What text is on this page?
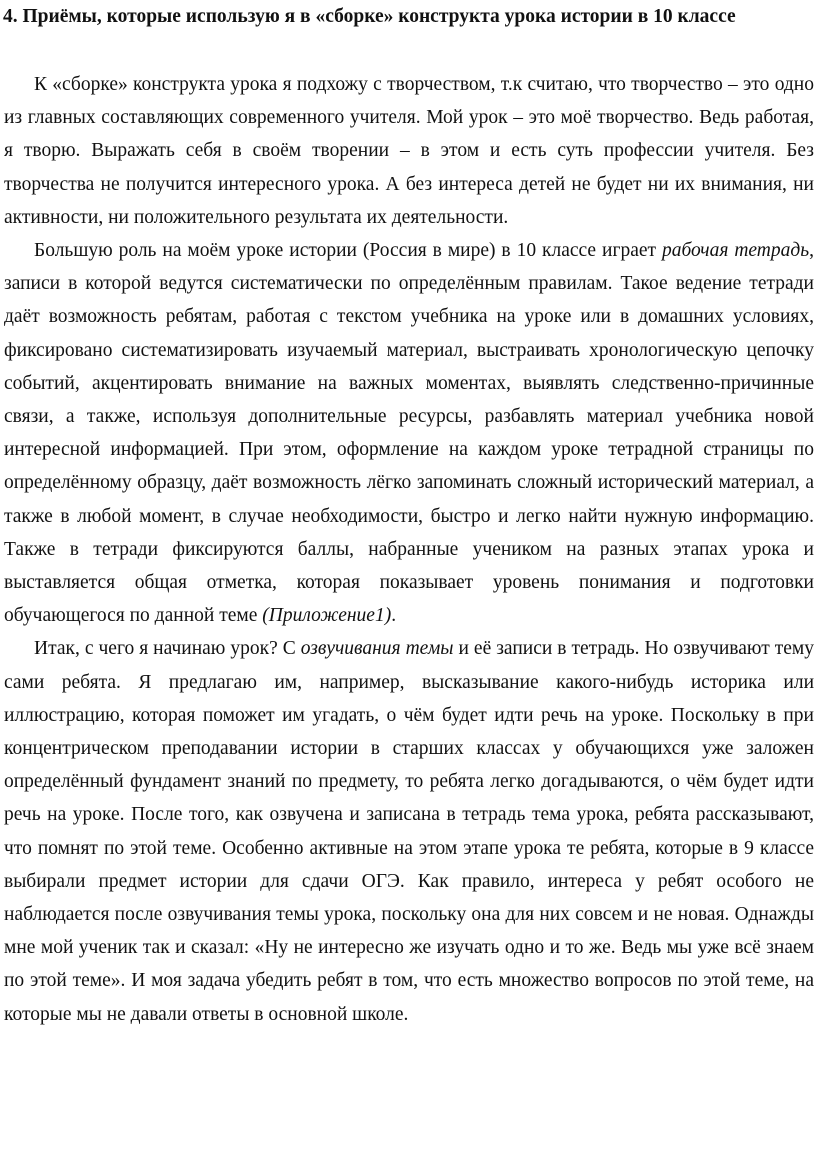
4. Приёмы, которые использую я в «сборке» конструкта урока истории в 10 классе

К «сборке» конструкта урока я подхожу с творчеством, т.к считаю, что творчество – это одно из главных составляющих современного учителя. Мой урок – это моё творчество. Ведь работая, я творю. Выражать себя в своём творении – в этом и есть суть профессии учителя. Без творчества не получится интересного урока. А без интереса детей не будет ни их внимания, ни активности, ни положительного результата их деятельности.

Большую роль на моём уроке истории (Россия в мире) в 10 классе играет рабочая тетрадь, записи в которой ведутся систематически по определённым правилам. Такое ведение тетради даёт возможность ребятам, работая с текстом учебника на уроке или в домашних условиях, фиксировано систематизировать изучаемый материал, выстраивать хронологическую цепочку событий, акцентировать внимание на важных моментах, выявлять следственно-причинные связи, а также, используя дополнительные ресурсы, разбавлять материал учебника новой интересной информацией. При этом, оформление на каждом уроке тетрадной страницы по определённому образцу, даёт возможность лёгко запоминать сложный исторический материал, а также в любой момент, в случае необходимости, быстро и легко найти нужную информацию. Также в тетради фиксируются баллы, набранные учеником на разных этапах урока и выставляется общая отметка, которая показывает уровень понимания и подготовки обучающегося по данной теме (Приложение1).

Итак, с чего я начинаю урок? С озвучивания темы и её записи в тетрадь. Но озвучивают тему сами ребята. Я предлагаю им, например, высказывание какого-нибудь историка или иллюстрацию, которая поможет им угадать, о чём будет идти речь на уроке. Поскольку в при концентрическом преподавании истории в старших классах у обучающихся уже заложен определённый фундамент знаний по предмету, то ребята легко догадываются, о чём будет идти речь на уроке. После того, как озвучена и записана в тетрадь тема урока, ребята рассказывают, что помнят по этой теме. Особенно активные на этом этапе урока те ребята, которые в 9 классе выбирали предмет истории для сдачи ОГЭ. Как правило, интереса у ребят особого не наблюдается после озвучивания темы урока, поскольку она для них совсем и не новая. Однажды мне мой ученик так и сказал: «Ну не интересно же изучать одно и то же. Ведь мы уже всё знаем по этой теме». И моя задача убедить ребят в том, что есть множество вопросов по этой теме, на которые мы не давали ответы в основной школе.
